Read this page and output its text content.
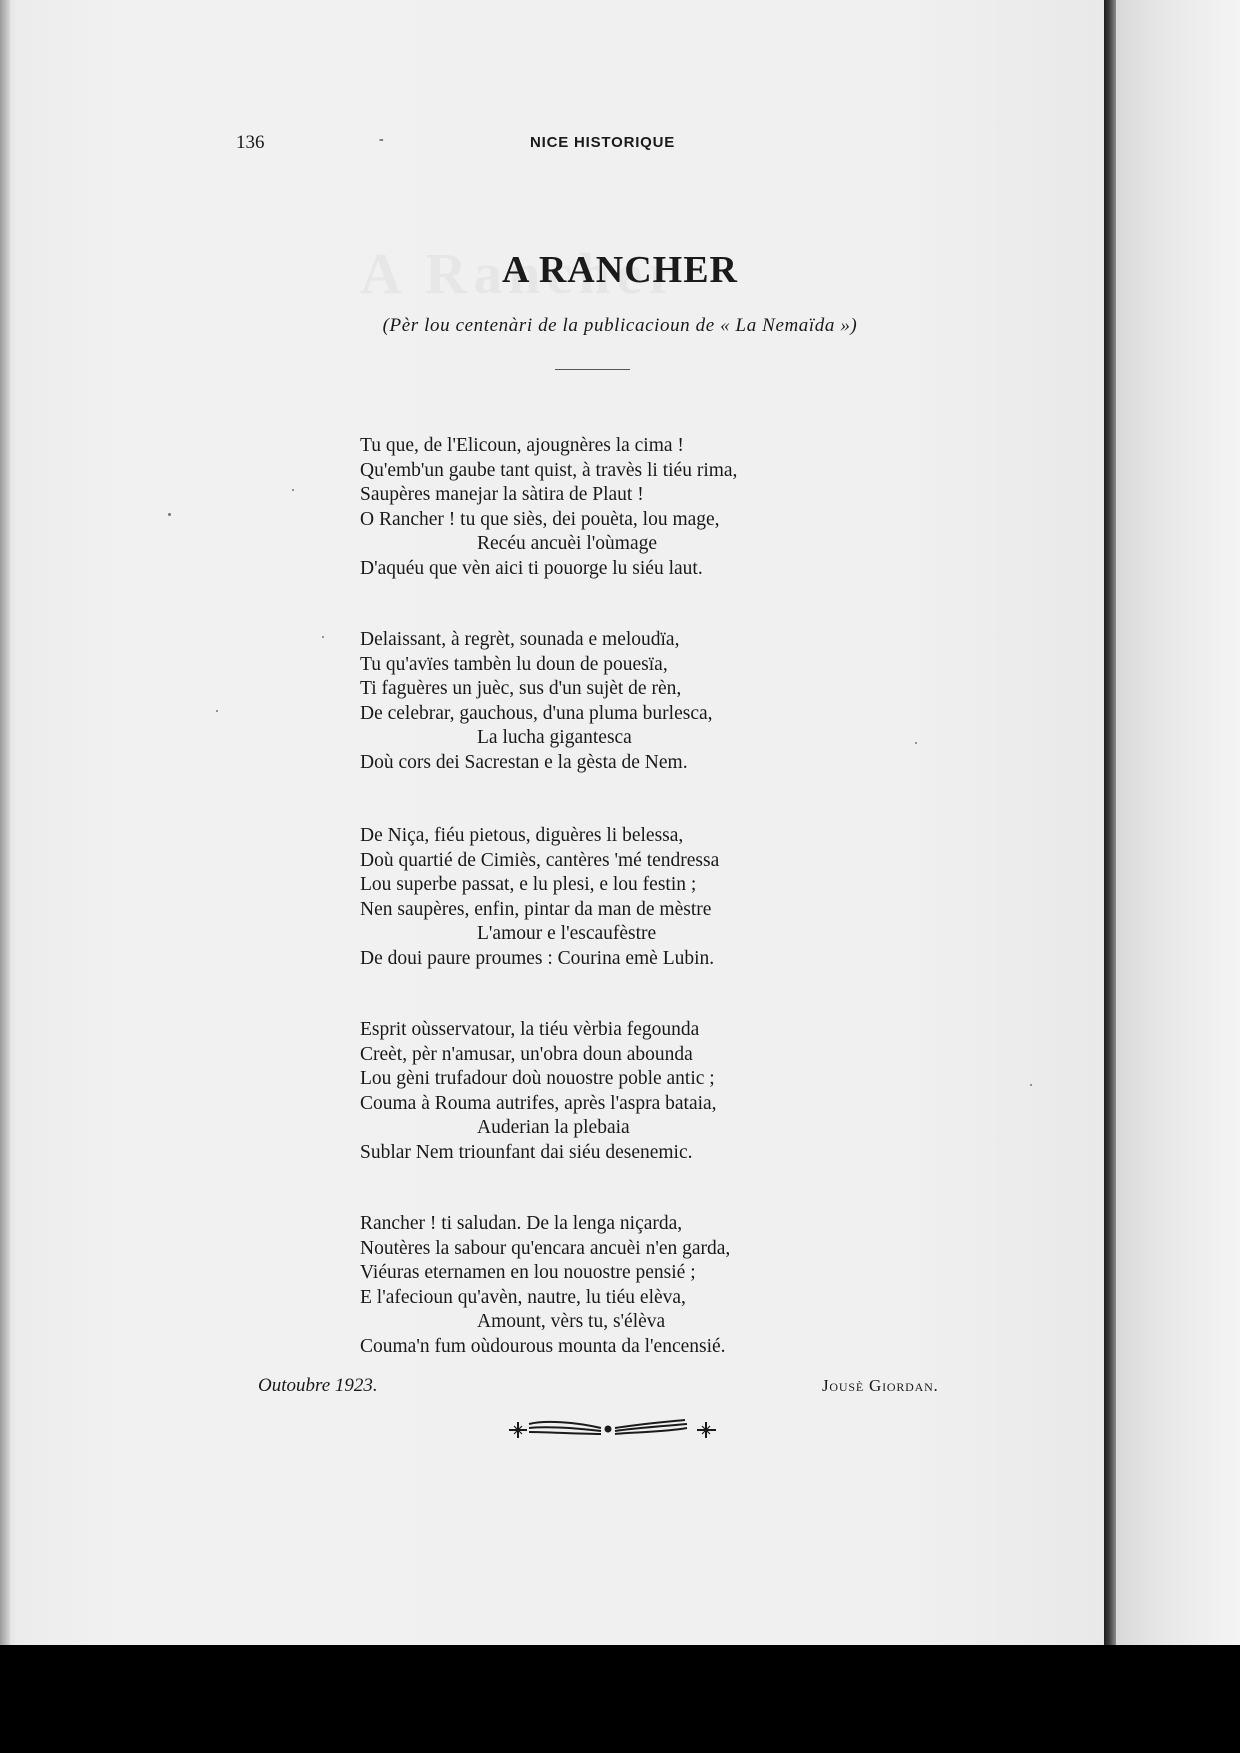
136	-	NICE HISTORIQUE
A RANCHER
(Pèr lou centenàri de la publicacioun de « La Nemaïda »)
Tu que, de l'Elicoun, ajougnères la cima !
Qu'emb'un gaube tant quist, à travès li tiéu rima,
Saupères manejar la sàtira de Plaut !
O Rancher ! tu que siès, dei pouèta, lou mage,
Recéu ancuèi l'oùmage
D'aquéu que vèn aici ti pouorge lu siéu laut.
Delaissant, à regrèt, sounada e meloudïa,
Tu qu'avïes tambèn lu doun de pouesïa,
Ti faguères un juèc, sus d'un sujèt de rèn,
De celebrar, gauchous, d'una pluma burlesca,
La lucha gigantesca
Doù cors dei Sacrestan e la gèsta de Nem.
De Niça, fiéu pietous, diguères li belessa,
Doù quartié de Cimiès, cantères 'mé tendressa
Lou superbe passat, e lu plesi, e lou festin ;
Nen saupères, enfin, pintar da man de mèstre
L'amour e l'escaufèstre
De doui paure proumes : Courina emè Lubin.
Esprit oùsservatour, la tiéu vèrbia fegounda
Creèt, pèr n'amusar, un'obra doun abounda
Lou gèni trufadour doù nouostre poble antic ;
Couma à Rouma autrifes, après l'aspra bataia,
Auderian la plebaia
Sublar Nem triounfant dai siéu desenemic.
Rancher ! ti saludan. De la lenga niçarda,
Noutères la sabour qu'encara ancuèi n'en garda,
Viéuras eternamen en lou nouostre pensié ;
E l'afecioun qu'avèn, nautre, lu tiéu elèva,
Amount, vèrs tu, s'élèva
Couma'n fum oùdourous mounta da l'encensié.
Outoubre 1923.	Jousè Giordan.
